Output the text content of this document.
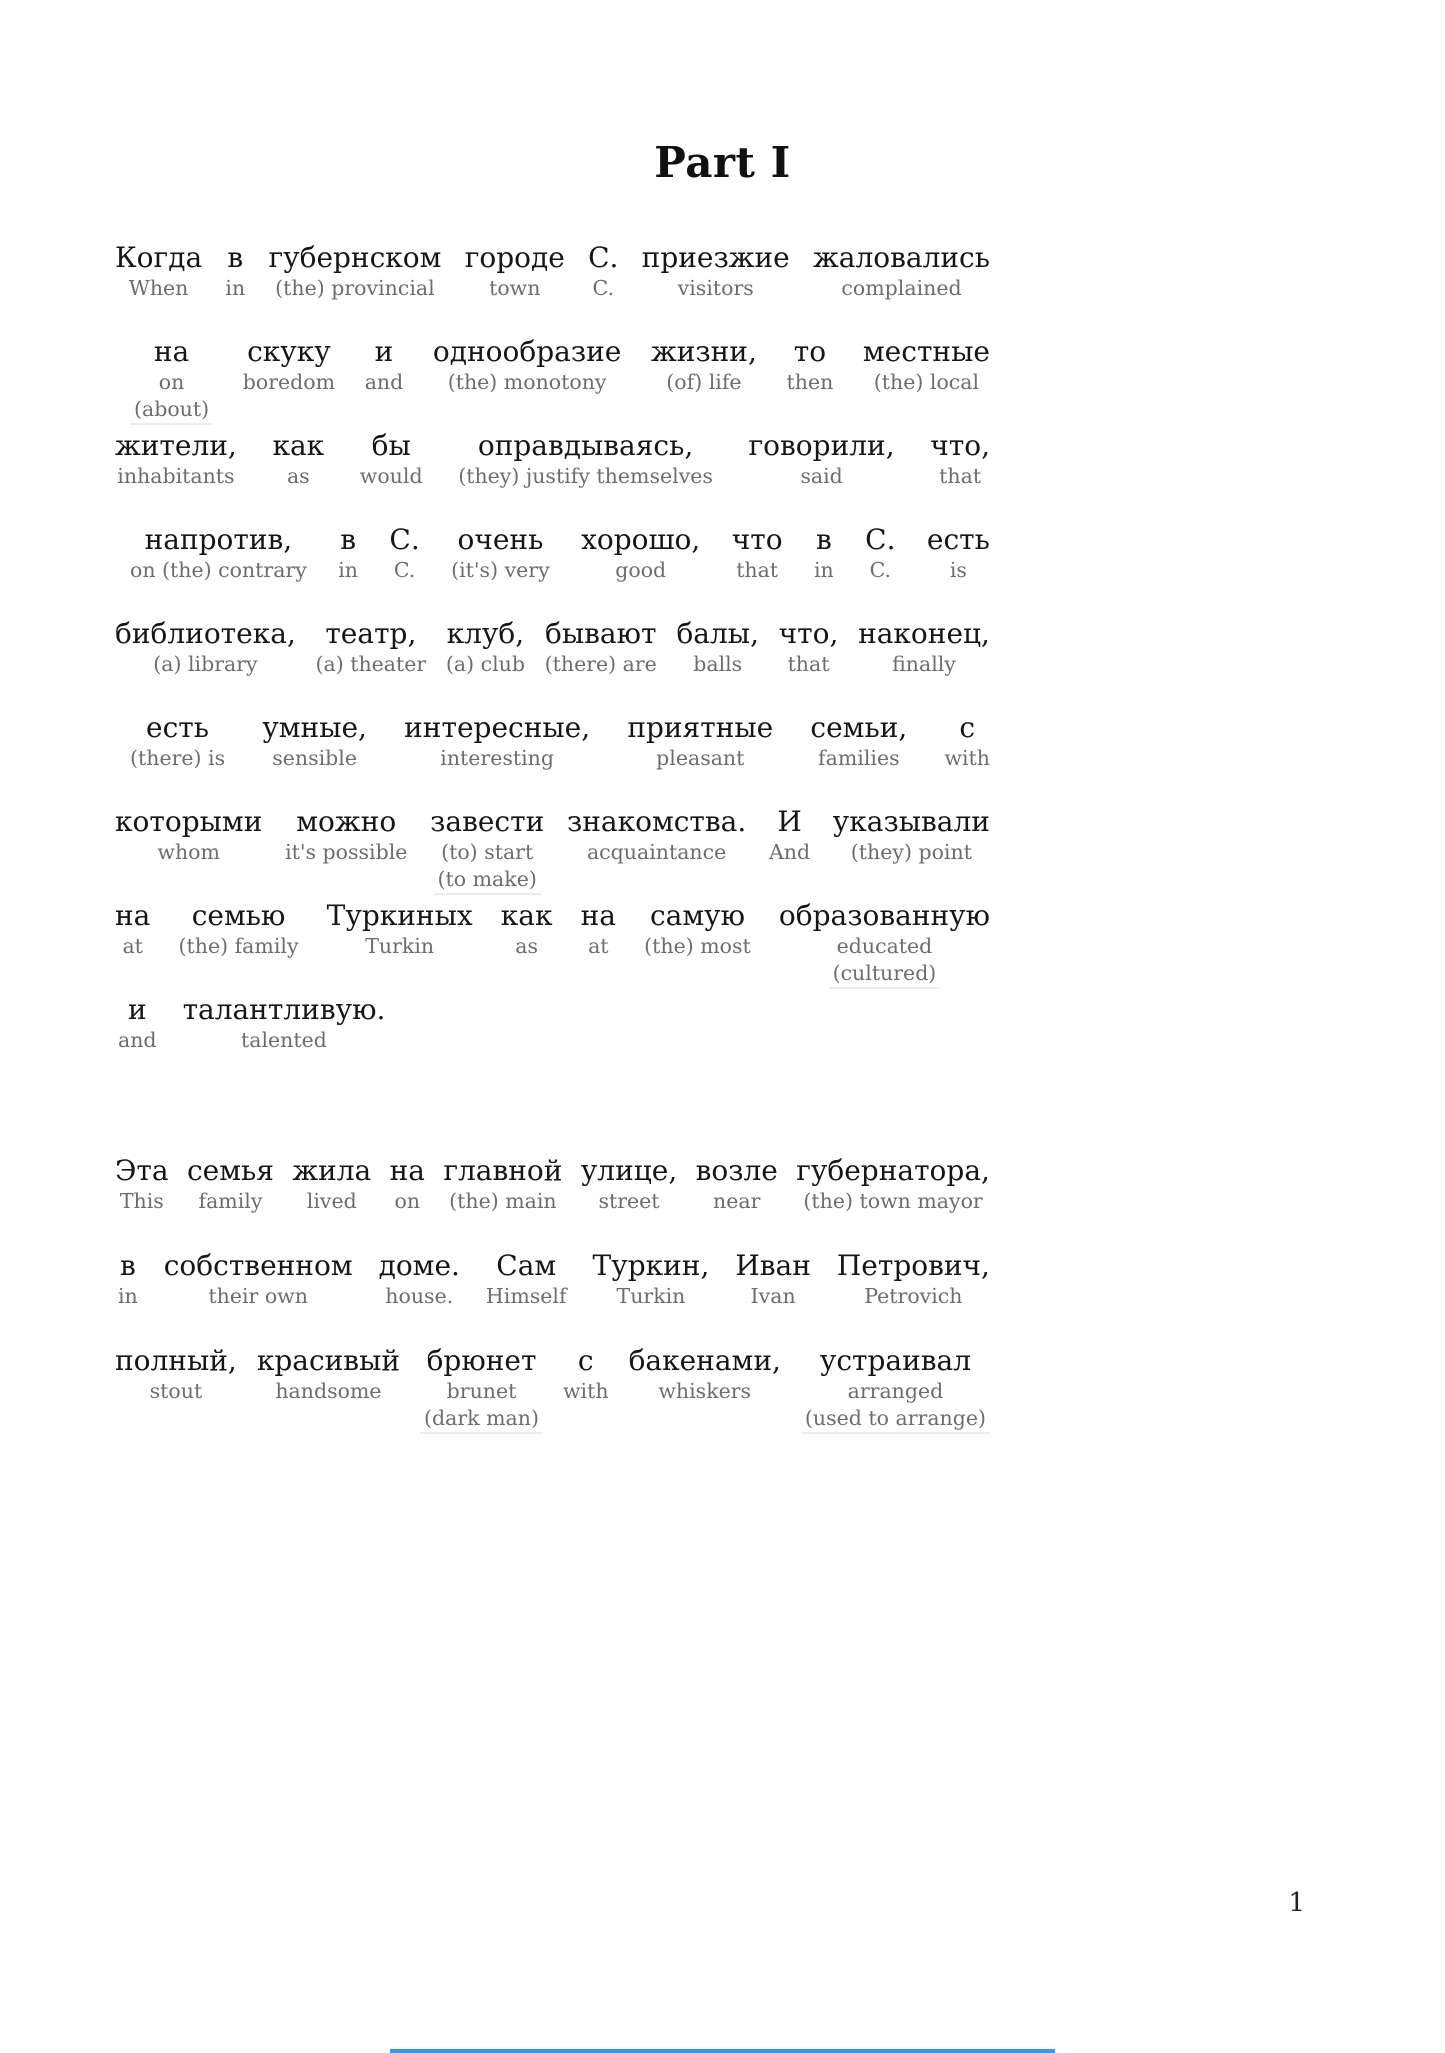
Part I
Когда
When
в
in
губернском
(the) provincial
городе
town
С.
C.
приезжие
visitors
жаловались
complained
на
on
(about)
скуку
boredom
и
and
однообразие
(the) monotony
жизни,
(of) life
то
then
местные
(the) local
жители,
inhabitants
как
as
бы
would
оправдываясь,
(they) justify themselves
говорили,
said
что,
that
напротив,
on (the) contrary
в
in
С.
C.
очень
(it's) very
хорошо,
good
что
that
в
in
С.
C.
есть
is
библиотека,
(a) library
театр,
(a) theater
клуб,
(a) club
бывают
(there) are
балы,
balls
что,
that
наконец,
finally
есть
(there) is
умные,
sensible
интересные,
interesting
приятные
pleasant
семьи,
families
с
with
которыми
whom
можно
it's possible
завести
(to) start
(to make)
знакомства.
acquaintance
И
And
указывали
(they) point
на
at
семью
(the) family
Туркиных
Turkin
как
as
на
at
самую
(the) most
образованную
educated
(cultured)
и
and
талантливую.
talented
Эта
This
семья
family
жила
lived
на
on
главной
(the) main
улице,
street
возле
near
губернатора,
(the) town mayor
в
in
собственном
their own
доме.
house.
Сам
Himself
Туркин,
Turkin
Иван
Ivan
Петрович,
Petrovich
полный,
stout
красивый
handsome
брюнет
brunet
(dark man)
с
with
бакенами,
whiskers
устраивал
arranged
(used to arrange)
1
